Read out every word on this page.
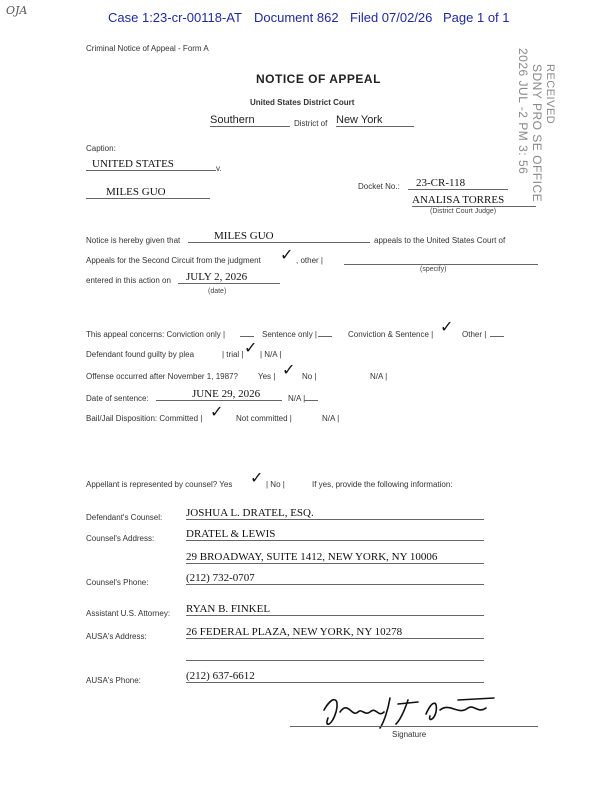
OJA	Case 1:23-cr-00118-AT Document 862 Filed 07/02/26 Page 1 of 1
Criminal Notice of Appeal - Form A
RECEIVED
SDNY PRO SE OFFICE
2026 JUL -2 PM 3: 56
NOTICE OF APPEAL
United States District Court
Southern	District of New York
Caption:
UNITED STATES	v.
MILES GUO	Docket No.:	23-CR-118
ANALISA TORRES
(District Court Judge)
Notice is hereby given that	MILES GUO	appeals to the United States Court of
Appeals for the Second Circuit from the judgment ✓ , other |
(specify)
entered in this action on	JULY 2, 2026
(date)
This appeal concerns: Conviction only |	Sentence only |	Conviction & Sentence | ✓ Other |
Defendant found guilty by plea	| trial | ✓ | N/A |
Offense occurred after November 1, 1987?	Yes | ✓ No |	N/A |
Date of sentence:	JUNE 29, 2026	N/A |
Bail/Jail Disposition: Committed | ✓ Not committed |	N/A |
Appellant is represented by counsel? Yes ✓ | No |	If yes, provide the following information:
Defendant's Counsel: JOSHUA L. DRATEL, ESQ.
Counsel's Address:	DRATEL & LEWIS
29 BROADWAY, SUITE 1412, NEW YORK, NY 10006
Counsel's Phone:	(212) 732-0707
Assistant U.S. Attorney: RYAN B. FINKEL
AUSA's Address:	26 FEDERAL PLAZA, NEW YORK, NY 10278
AUSA's Phone:	(212) 637-6612
Signature
